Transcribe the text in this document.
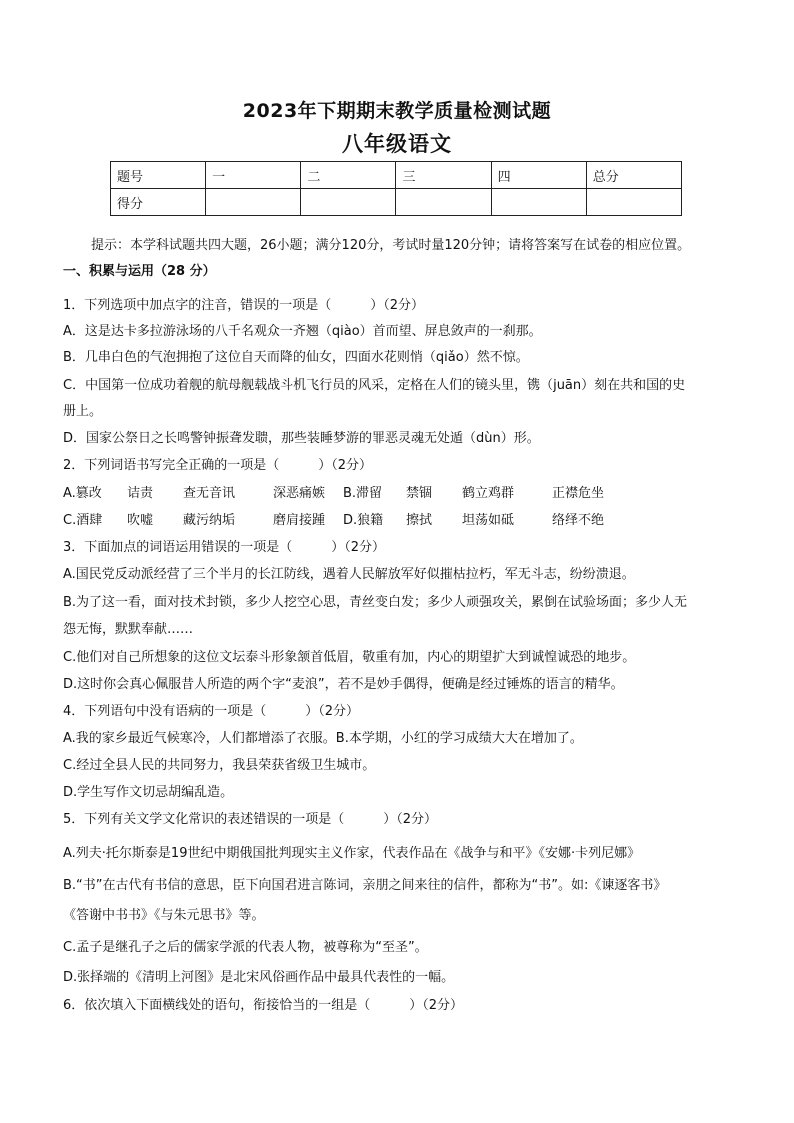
2023年下期期末教学质量检测试题
八年级语文
题号	一	二	三	四	总分
得分					
提示：本学科试题共四大题，26小题；满分120分，考试时量120分钟；请将答案写在试卷的相应位置。
一、积累与运用（28 分）
1．下列选项中加点字的注音，错误的一项是（　　　）（2分）
A．这是达卡多拉游泳场的八千名观众一齐翘（qiào）首而望、屏息敛声的一刹那。
B．几串白色的气泡拥抱了这位自天而降的仙女，四面水花则悄（qiǎo）然不惊。
C．中国第一位成功着舰的航母舰载战斗机飞行员的风采，定格在人们的镜头里，镌（juān）刻在共和国的史
册上。
D．国家公祭日之长鸣警钟振聋发聩，那些装睡梦游的罪恶灵魂无处遁（dùn）形。
2．下列词语书写完全正确的一项是（　　　）（2分）
A.篡改 诘责 查无音讯	深恶痛嫉 B.滞留 禁锢 鹤立鸡群	正襟危坐
C.酒肆 吹嘘 藏污纳垢	磨肩接踵 D.狼籍 擦拭 坦荡如砥	络绎不绝
3．下面加点的词语运用错误的一项是（　　　）（2分）
A.国民党反动派经营了三个半月的长江防线，遇着人民解放军好似摧枯拉朽，军无斗志，纷纷溃退。
B.为了这一看，面对技术封锁，多少人挖空心思，青丝变白发；多少人顽强攻关，累倒在试验场面；多少人无
怨无悔，默默奉献……
C.他们对自己所想象的这位文坛泰斗形象颔首低眉，敬重有加，内心的期望扩大到诚惶诚恐的地步。
D.这时你会真心佩服昔人所造的两个字“麦浪”，若不是妙手偶得，便确是经过锤炼的语言的精华。
4．下列语句中没有语病的一项是（　　　）（2分）
A.我的家乡最近气候寒冷，人们都增添了衣服。B.本学期，小红的学习成绩大大在增加了。
C.经过全县人民的共同努力，我县荣获省级卫生城市。
D.学生写作文切忌胡编乱造。
5．下列有关文学文化常识的表述错误的一项是（　　　）（2分）
A.列夫·托尔斯泰是19世纪中期俄国批判现实主义作家，代表作品在《战争与和平》《安娜·卡列尼娜》
B.“书”在古代有书信的意思，臣下向国君进言陈词，亲朋之间来往的信件，都称为“书”。如:《谏逐客书》
《答谢中书书》《与朱元思书》等。
C.孟子是继孔子之后的儒家学派的代表人物，被尊称为“至圣”。
D.张择端的《清明上河图》是北宋风俗画作品中最具代表性的一幅。
6．依次填入下面横线处的语句，衔接恰当的一组是（　　　）（2分）
